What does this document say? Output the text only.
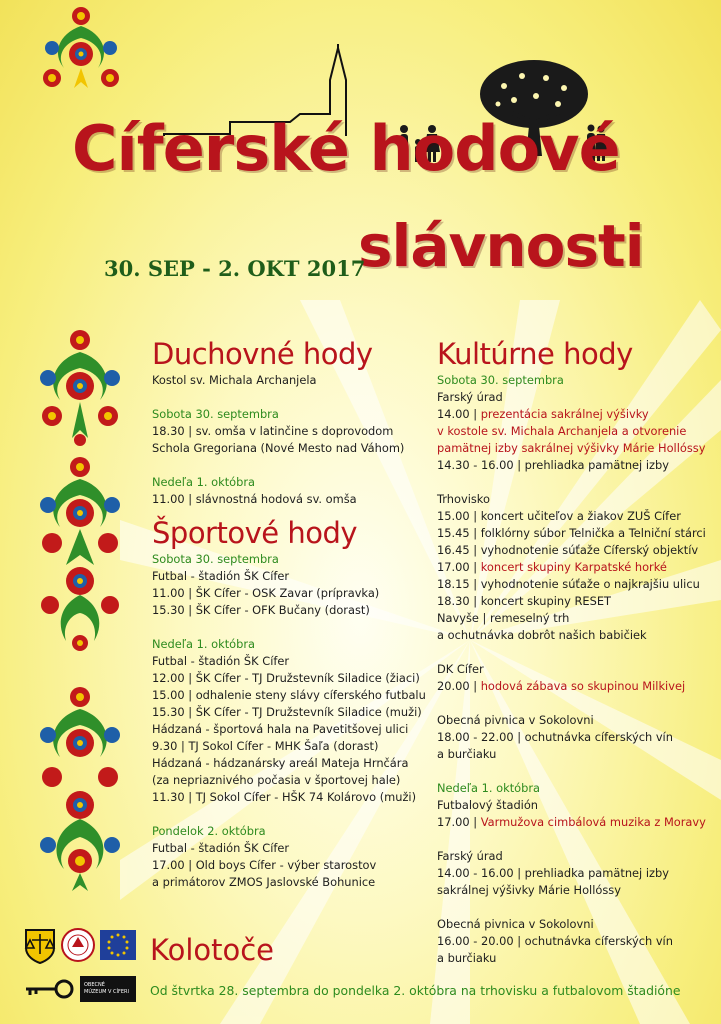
Cíferské hodové
slávnosti
30. SEP - 2. OKT 2017
Duchovné hody
Kostol sv. Michala Archanjela
Sobota 30. septembra
18.30 | sv. omša v latinčine s doprovodom
Schola Gregoriana (Nové Mesto nad Váhom)
Nedeľa 1. októbra
11.00 | slávnostná hodová sv. omša
Športové hody
Sobota 30. septembra
Futbal - štadión ŠK Cífer
11.00 | ŠK Cífer - OSK Zavar (prípravka)
15.30 | ŠK Cífer - OFK Bučany (dorast)
Nedeľa 1. októbra
Futbal - štadión ŠK Cífer
12.00 | ŠK Cífer - TJ Družstevník Siladice (žiaci)
15.00 | odhalenie steny slávy cíferského futbalu
15.30 | ŠK Cífer - TJ Družstevník Siladice (muži)
Hádzaná - športová hala na Pavetitšovej ulici
9.30 | TJ Sokol Cífer - MHK Šaľa (dorast)
Hádzaná - hádzanársky areál Mateja Hrnčára
(za nepriaznivého počasia v športovej hale)
11.30 | TJ Sokol Cífer - HŠK 74 Kolárovo (muži)
Pondelok 2. októbra
Futbal - štadión ŠK Cífer
17.00 | Old boys Cífer - výber starostov
a primátorov ZMOS Jaslovské Bohunice
Kultúrne hody
Sobota 30. septembra
Farský úrad
14.00 | prezentácia sakrálnej výšivky
v kostole sv. Michala Archanjela a otvorenie
pamätnej izby sakrálnej výšivky Márie Hollóssy
14.30 - 16.00 | prehliadka pamätnej izby
Trhovisko
15.00 | koncert učiteľov a žiakov ZUŠ Cífer
15.45 | folklórny súbor Telnička a Telniční stárci
16.45 | vyhodnotenie súťaže Cíferský objektív
17.00 | koncert skupiny Karpatské horké
18.15 | vyhodnotenie súťaže o najkrajšiu ulicu
18.30 | koncert skupiny RESET
Navyše | remeselný trh
a ochutnávka dobrôt našich babičiek
DK Cífer
20.00 | hodová zábava so skupinou Milkivej
Obecná pivnica v Sokolovni
18.00 - 22.00 | ochutnávka cíferských vín
a burčiaku
Nedeľa 1. októbra
Futbalový štadión
17.00 | Varmužova cimbálová muzika z Moravy
Farský úrad
14.00 - 16.00 | prehliadka pamätnej izby
sakrálnej výšivky Márie Hollóssy
Obecná pivnica v Sokolovni
16.00 - 20.00 | ochutnávka cíferských vín
a burčiaku
Kolotoče
Od štvrtka 28. septembra do pondelka 2. októbra na trhovisku a futbalovom štadióne
OBECNÉ
MÚZEUM V CÍFERI
